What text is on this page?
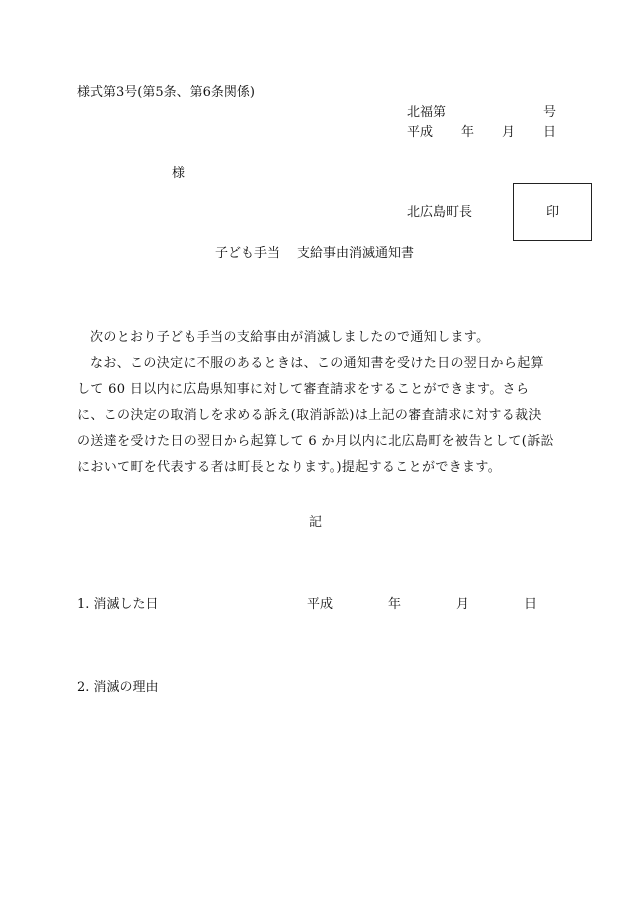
様式第3号(第5条、第6条関係)
北福第	号
平成 年 月 日
様
北広島町長	印
子ども手当 支給事由消滅通知書

次のとおり子ども手当の支給事由が消滅しましたので通知します。

なお、この決定に不服のあるときは、この通知書を受けた日の翌日から起算して 60 日以内に広島県知事に対して審査請求をすることができます。さらに、この決定の取消しを求める訴え(取消訴訟)は上記の審査請求に対する裁決の送達を受けた日の翌日から起算して 6 か月以内に北広島町を被告として(訴訟において町を代表する者は町長となります。)提起することができます。

記
1. 消滅した日	平成	年	月	日
2. 消滅の理由
